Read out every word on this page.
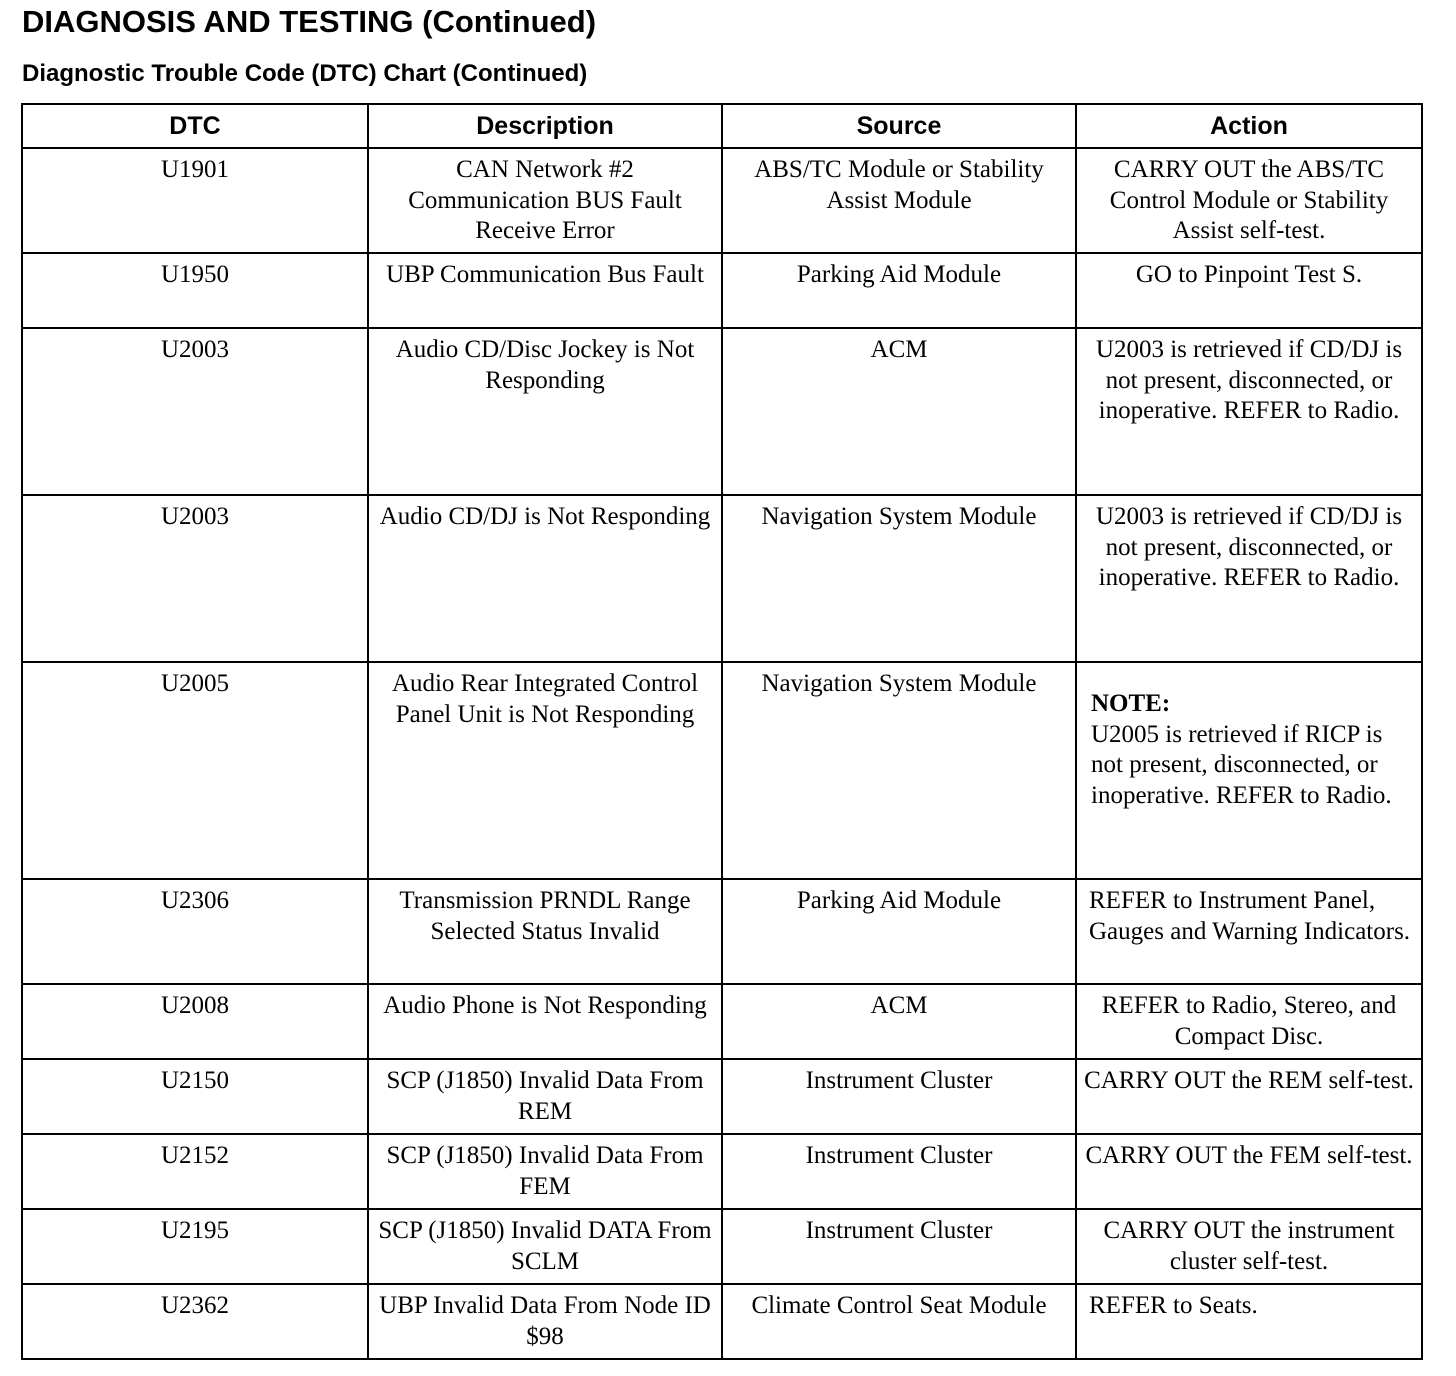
DIAGNOSIS AND TESTING (Continued)
Diagnostic Trouble Code (DTC) Chart (Continued)
DTC	Description	Source	Action
U1901	CAN Network #2 Communication BUS Fault Receive Error	ABS/TC Module or Stability Assist Module	CARRY OUT the ABS/TC Control Module or Stability Assist self-test.
U1950	UBP Communication Bus Fault	Parking Aid Module	GO to Pinpoint Test S.
U2003	Audio CD/Disc Jockey is Not Responding	ACM	U2003 is retrieved if CD/DJ is not present, disconnected, or inoperative. REFER to Radio.
U2003	Audio CD/DJ is Not Responding	Navigation System Module	U2003 is retrieved if CD/DJ is not present, disconnected, or inoperative. REFER to Radio.
U2005	Audio Rear Integrated Control Panel Unit is Not Responding	Navigation System Module	NOTE:
U2005 is retrieved if RICP is not present, disconnected, or inoperative. REFER to Radio.

U2306	Transmission PRNDL Range Selected Status Invalid	Parking Aid Module	REFER to Instrument Panel, Gauges and Warning Indicators.
U2008	Audio Phone is Not Responding	ACM	REFER to Radio, Stereo, and Compact Disc.
U2150	SCP (J1850) Invalid Data From REM	Instrument Cluster	CARRY OUT the REM self-test.
U2152	SCP (J1850) Invalid Data From FEM	Instrument Cluster	CARRY OUT the FEM self-test.
U2195	SCP (J1850) Invalid DATA From SCLM	Instrument Cluster	CARRY OUT the instrument cluster self-test.
U2362	UBP Invalid Data From Node ID $98	Climate Control Seat Module	REFER to Seats.
